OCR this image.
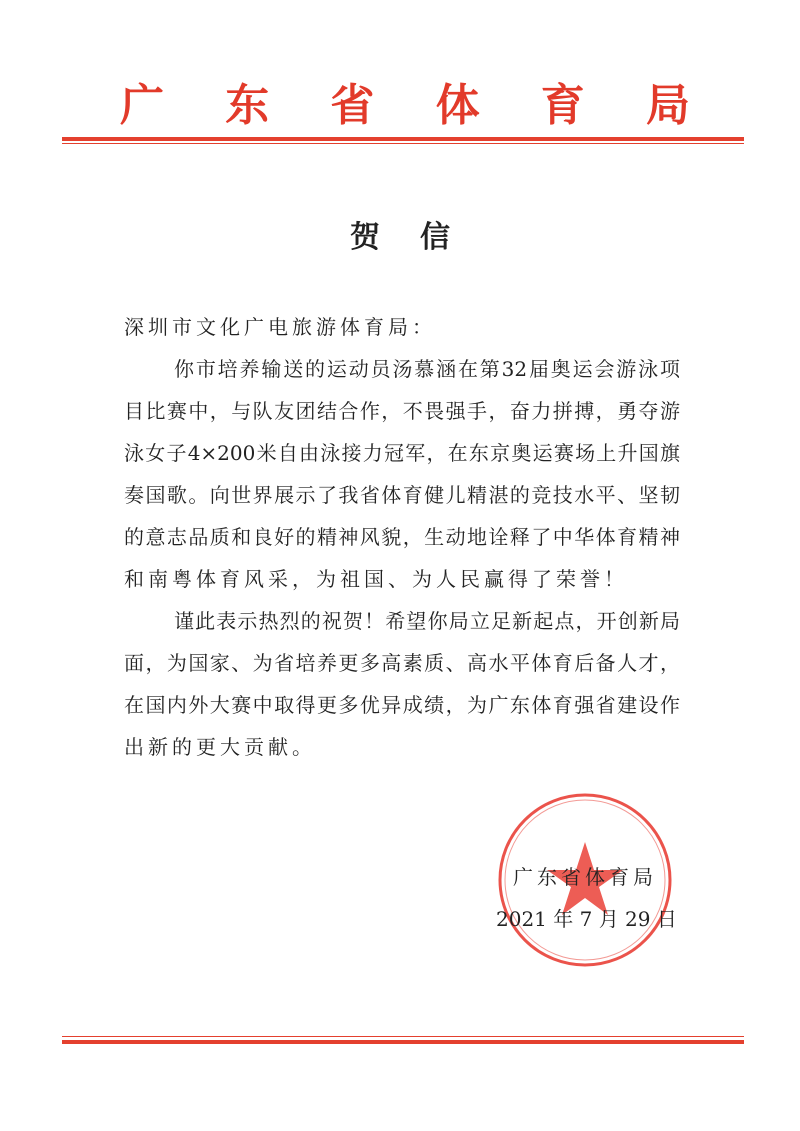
广 东 省 体 育 局
贺信
深圳市文化广电旅游体育局：
你市培养输送的运动员汤慕涵在第32届奥运会游泳项
目比赛中，与队友团结合作，不畏强手，奋力拼搏，勇夺游
泳女子4×200米自由泳接力冠军，在东京奥运赛场上升国旗
奏国歌。向世界展示了我省体育健儿精湛的竞技水平、坚韧
的意志品质和良好的精神风貌，生动地诠释了中华体育精神
和南粤体育风采，为祖国、为人民赢得了荣誉！
谨此表示热烈的祝贺！希望你局立足新起点，开创新局
面，为国家、为省培养更多高素质、高水平体育后备人才，
在国内外大赛中取得更多优异成绩，为广东体育强省建设作
出新的更大贡献。
广东省体育局
2021 年 7 月 29 日
